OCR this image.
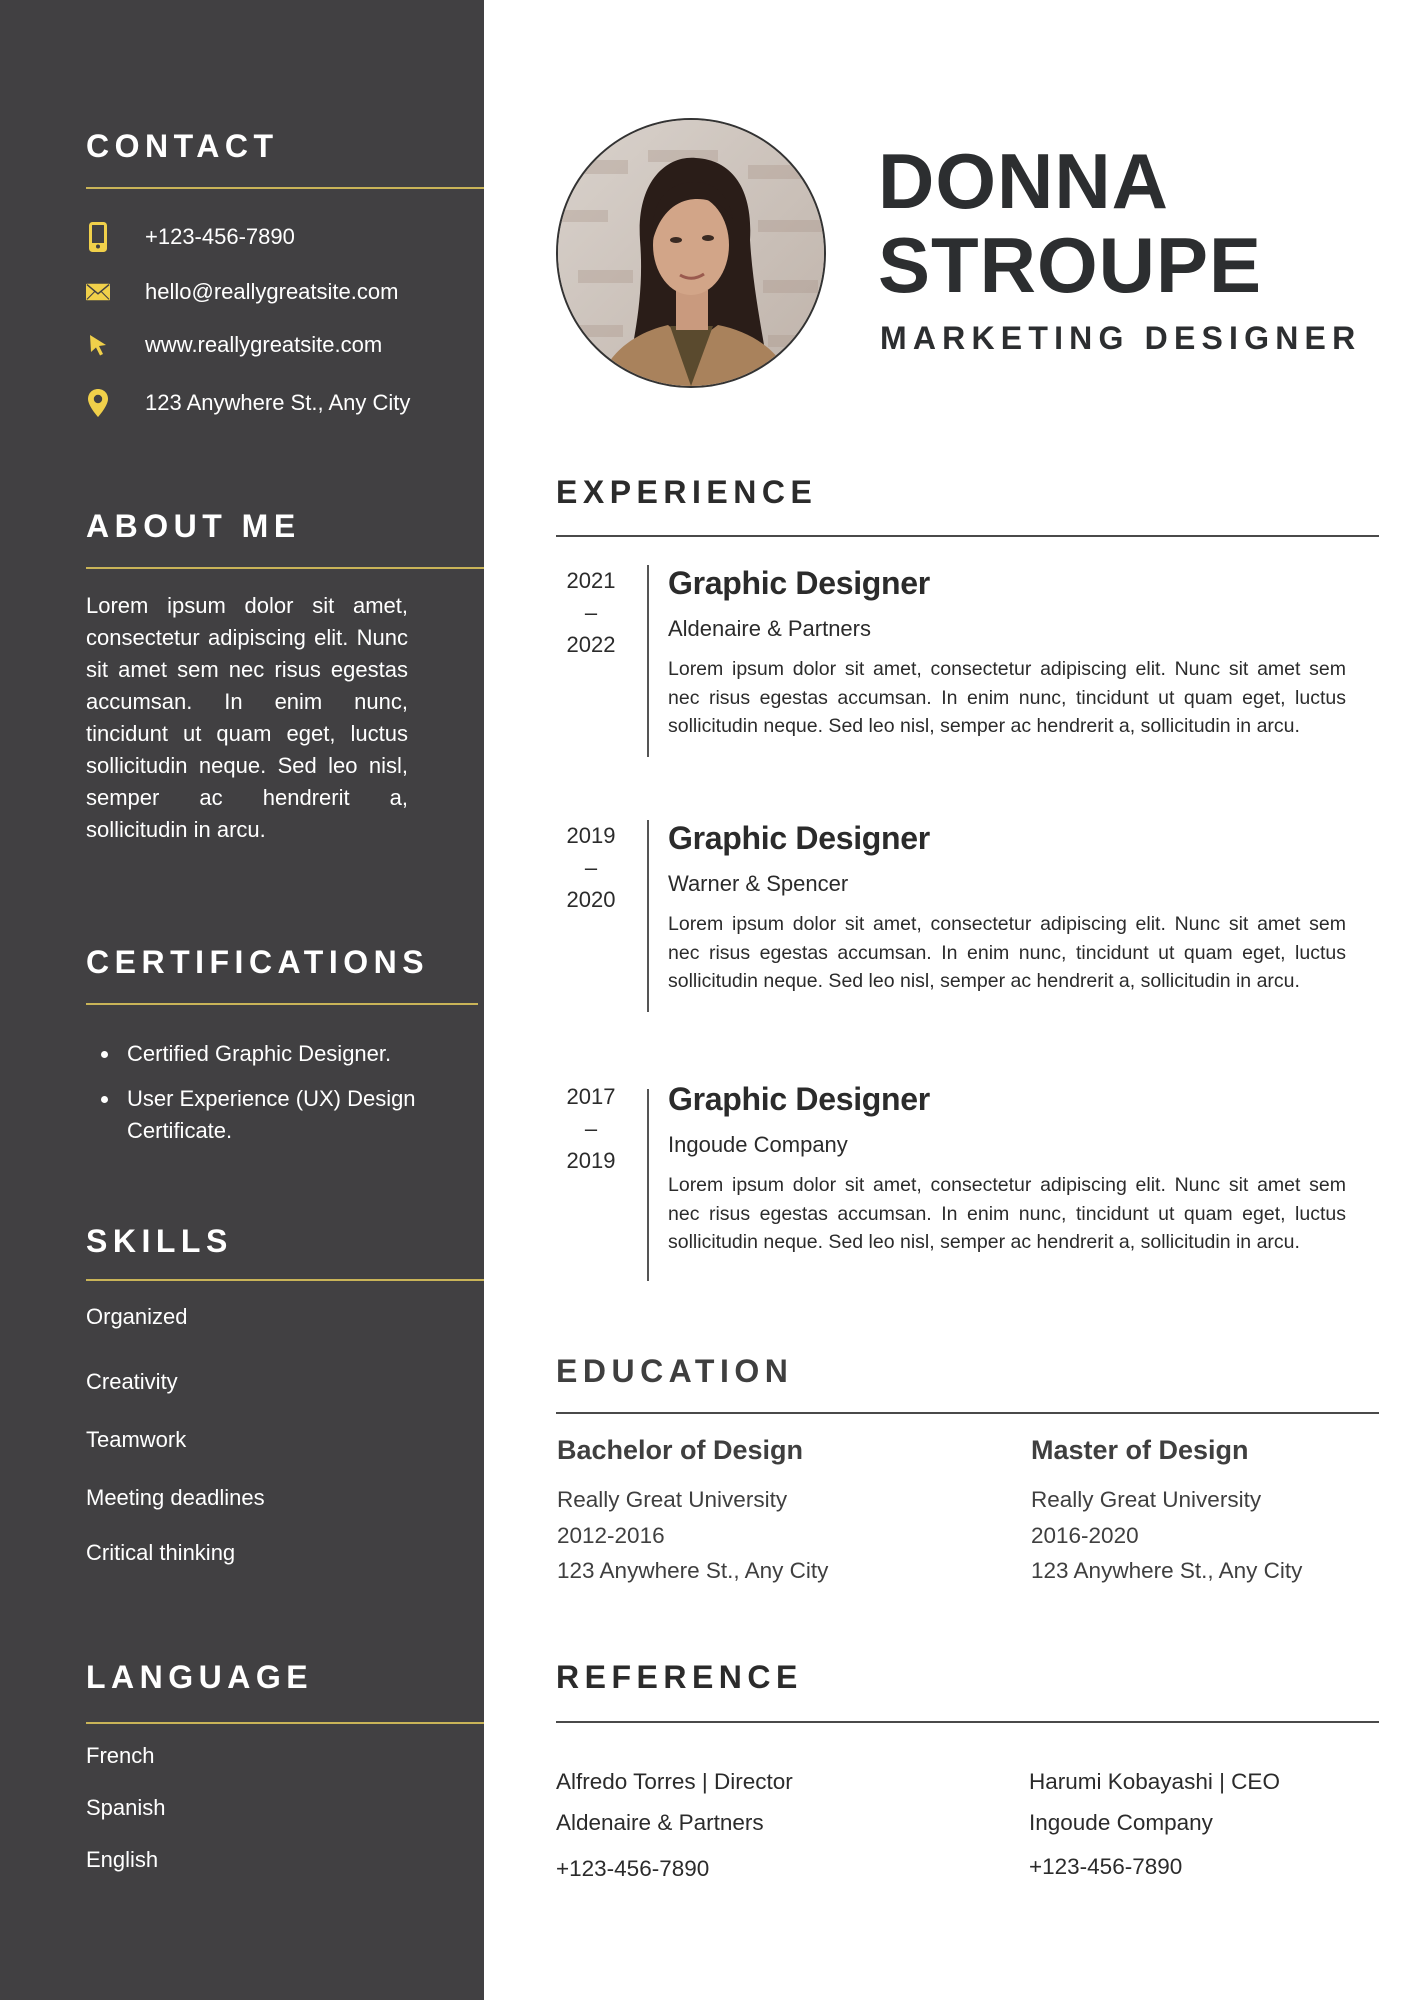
CONTACT
+123-456-7890
hello@reallygreatsite.com
www.reallygreatsite.com
123 Anywhere St., Any City
ABOUT ME

Lorem ipsum dolor sit amet, consectetur adipiscing elit. Nunc sit amet sem nec risus egestas accumsan. In enim nunc, tincidunt ut quam eget, luctus sollicitudin neque. Sed leo nisl, semper ac hendrerit a, sollicitudin in arcu.

CERTIFICATIONS
Certified Graphic Designer.
User Experience (UX) Design Certificate.
SKILLS
Organized
Creativity
Teamwork
Meeting deadlines
Critical thinking
LANGUAGE
French
Spanish
English
DONNA
STROUPE
MARKETING DESIGNER
EXPERIENCE
2021
–
2022
Graphic Designer
Aldenaire & Partners

Lorem ipsum dolor sit amet, consectetur adipiscing elit. Nunc sit amet sem nec risus egestas accumsan. In enim nunc, tincidunt ut quam eget, luctus sollicitudin neque. Sed leo nisl, semper ac hendrerit a, sollicitudin in arcu.

2019
–
2020
Graphic Designer
Warner & Spencer

Lorem ipsum dolor sit amet, consectetur adipiscing elit. Nunc sit amet sem nec risus egestas accumsan. In enim nunc, tincidunt ut quam eget, luctus sollicitudin neque. Sed leo nisl, semper ac hendrerit a, sollicitudin in arcu.

2017
–
2019
Graphic Designer
Ingoude Company

Lorem ipsum dolor sit amet, consectetur adipiscing elit. Nunc sit amet sem nec risus egestas accumsan. In enim nunc, tincidunt ut quam eget, luctus sollicitudin neque. Sed leo nisl, semper ac hendrerit a, sollicitudin in arcu.

EDUCATION
Bachelor of Design
Really Great University
2012-2016
123 Anywhere St., Any City
Master of Design
Really Great University
2016-2020
123 Anywhere St., Any City
REFERENCE
Alfredo Torres | Director
Aldenaire & Partners
+123-456-7890
Harumi Kobayashi | CEO
Ingoude Company
+123-456-7890
